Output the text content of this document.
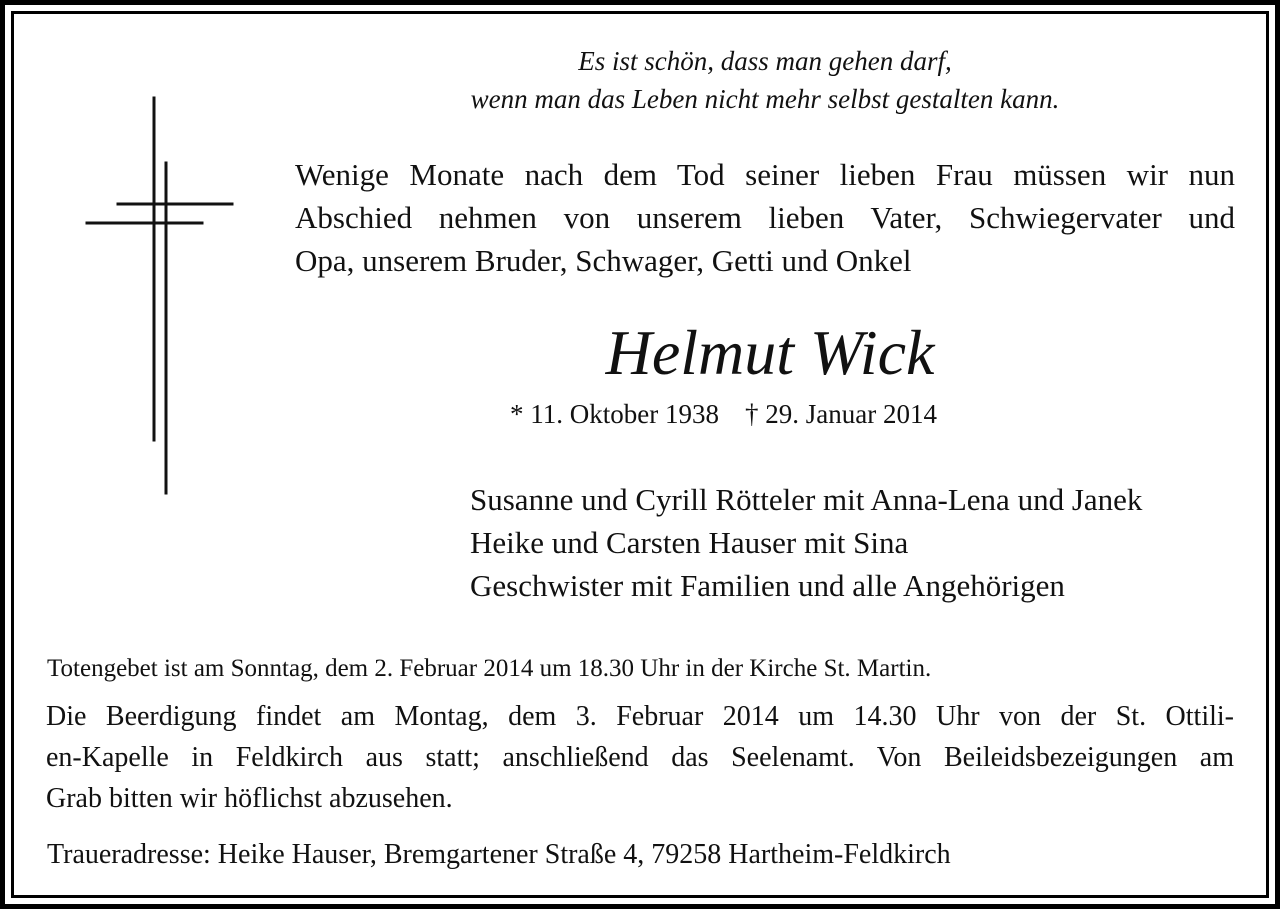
Es ist schön, dass man gehen darf,
wenn man das Leben nicht mehr selbst gestalten kann.
Wenige Monate nach dem Tod seiner lieben Frau müssen wir nun
Abschied nehmen von unserem lieben Vater, Schwiegervater und
Opa, unserem Bruder, Schwager, Getti und Onkel
Helmut Wick
* 11. Oktober 1938 † 29. Januar 2014
Susanne und Cyrill Rötteler mit Anna-Lena und Janek
Heike und Carsten Hauser mit Sina
Geschwister mit Familien und alle Angehörigen
Totengebet ist am Sonntag, dem 2. Februar 2014 um 18.30 Uhr in der Kirche St. Martin.
Die Beerdigung findet am Montag, dem 3. Februar 2014 um 14.30 Uhr von der St. Ottili-
en-Kapelle in Feldkirch aus statt; anschließend das Seelenamt. Von Beileidsbezeigungen am
Grab bitten wir höflichst abzusehen.
Traueradresse: Heike Hauser, Bremgartener Straße 4, 79258 Hartheim-Feldkirch
